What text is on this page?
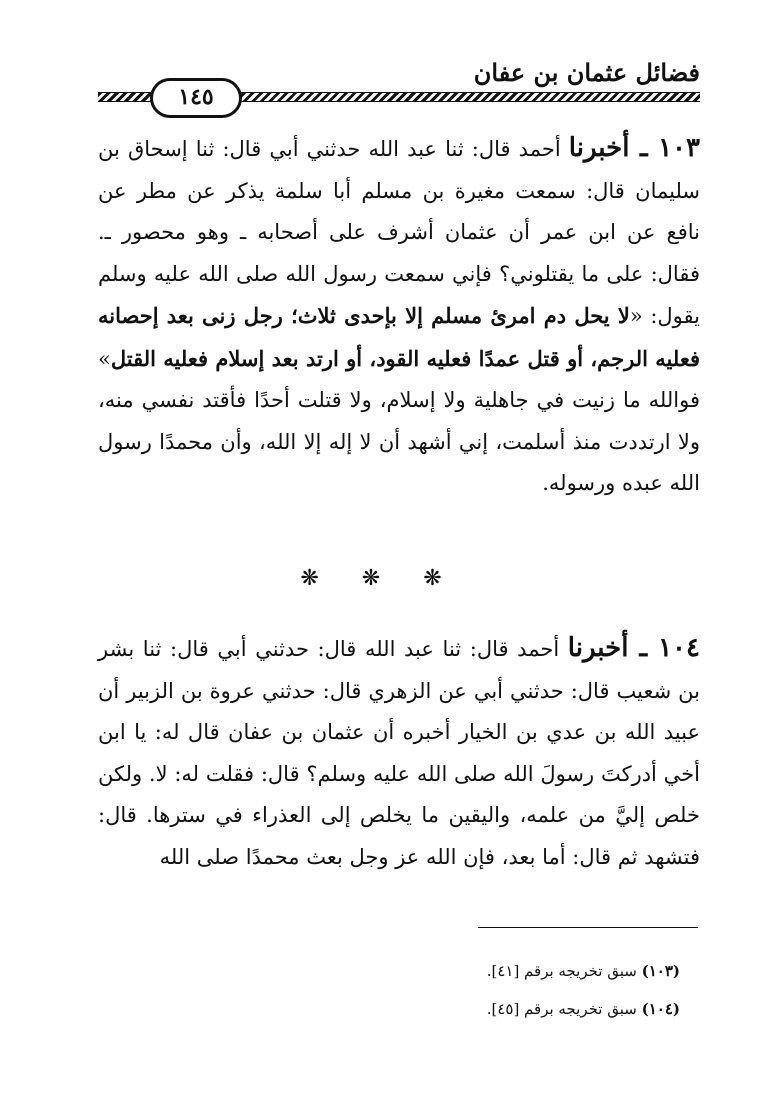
فضائل عثمان بن عفان
١٤٥

١٠٣ ـ أخبرنا أحمد قال: ثنا عبد الله حدثني أبي قال: ثنا إسحاق بن سليمان قال: سمعت مغيرة بن مسلم أبا سلمة يذكر عن مطر عن نافع عن ابن عمر أن عثمان أشرف على أصحابه ـ وهو محصور ـ. فقال: على ما يقتلوني؟ فإني سمعت رسول الله صلى الله عليه وسلم يقول: «لا يحل دم امرئ مسلم إلا بإحدى ثلاث؛ رجل زنى بعد إحصانه فعليه الرجم، أو قتل عمدًا فعليه القود، أو ارتد بعد إسلام فعليه القتل» فوالله ما زنيت في جاهلية ولا إسلام، ولا قتلت أحدًا فأقتد نفسي منه، ولا ارتددت منذ أسلمت، إني أشهد أن لا إله إلا الله، وأن محمدًا رسول الله عبده ورسوله.

❋ ❋ ❋

١٠٤ ـ أخبرنا أحمد قال: ثنا عبد الله قال: حدثني أبي قال: ثنا بشر بن شعيب قال: حدثني أبي عن الزهري قال: حدثني عروة بن الزبير أن عبيد الله بن عدي بن الخيار أخبره أن عثمان بن عفان قال له: يا ابن أخي أدركتَ رسولَ الله صلى الله عليه وسلم؟ قال: فقلت له: لا. ولكن خلص إليَّ من علمه، واليقين ما يخلص إلى العذراء في سترها. قال: فتشهد ثم قال: أما بعد، فإن الله عز وجل بعث محمدًا صلى الله

(١٠٣) سبق تخريجه برقم [٤١].
(١٠٤) سبق تخريجه برقم [٤٥].
